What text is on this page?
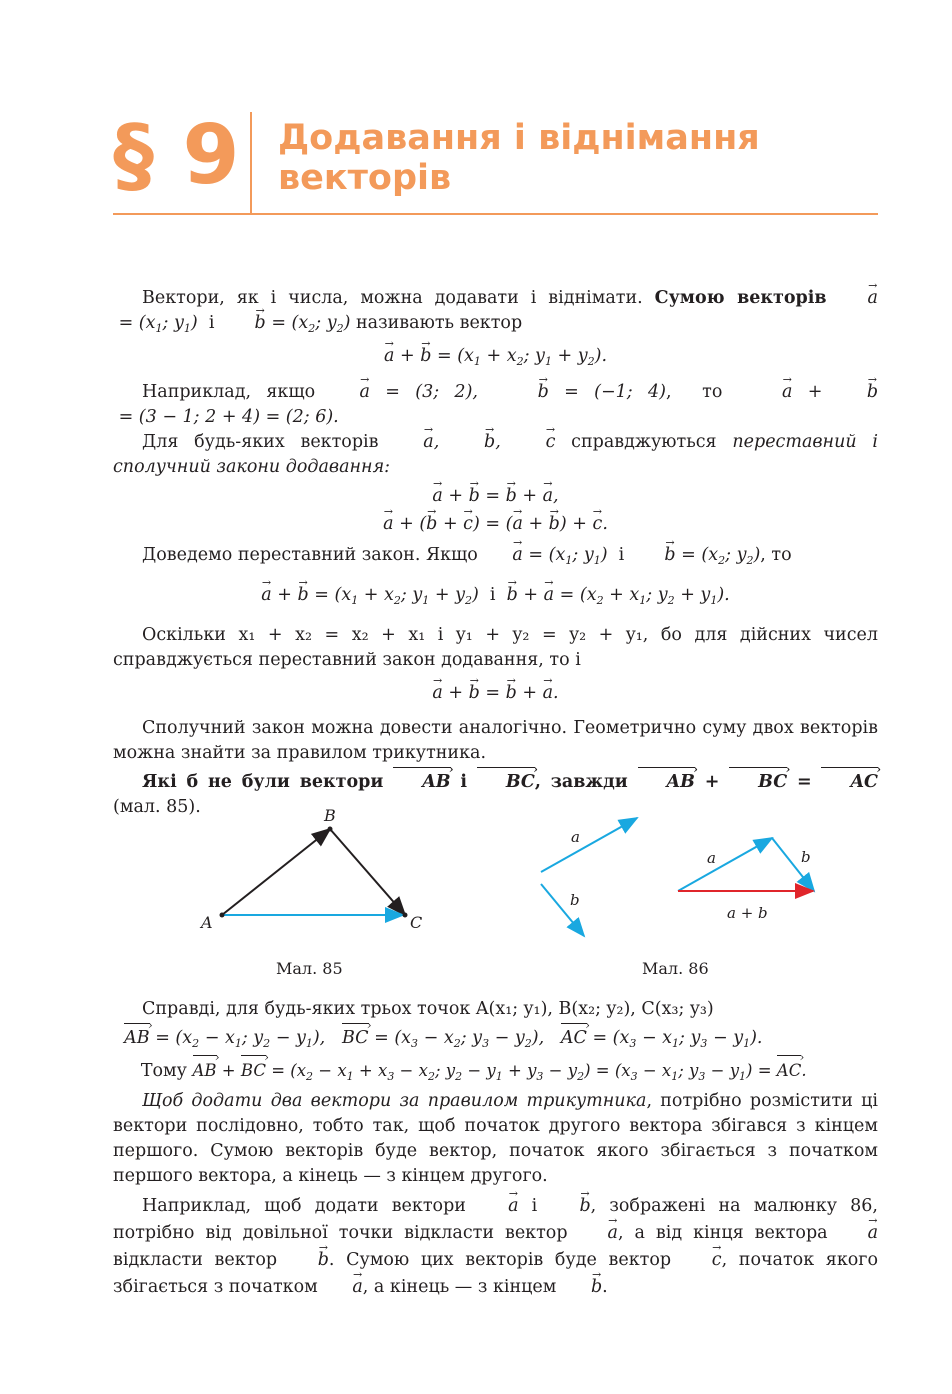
§ 9 Додавання і віднімання
векторів

Вектори, як і числа, можна додавати і віднімати. Сумою векторів → $a = (x_1$; $y_1$)  $і \to b = (x_2$; $y_2$) називають вектор

→ a + → $b = (x_1 + x_2$; $y_1 + y_2$).

Наприклад, якщо → a = (3; 2),  → b = (−1; 4),  то  → a + → b = (3 − 1; 2 + 4) = (2; 6).

Для будь-яких векторів → a, → b, → c справджуються переставний і сполучний закони додавання:

→ a + → b = → b + → a,

→ a + (→ b + → c) = (→ a + → b) + → c.

Доведемо переставний закон. Якщо → $a = (x_1$; $y_1$)  $і \to b = (x_2$; $y_2$), то

→ a + → $b = (x_1 + x_2$; $y_1 + y_2$)  і → b + → $a = (x_2 + x_1$; $y_2 + y_1$).

Оскільки x₁ + x₂ = x₂ + x₁ і y₁ + y₂ = y₂ + y₁, бо для дійсних чисел справджується переставний закон додавання, то і

→ a + → b = → b + → a.

Сполучний закон можна довести аналогічно. Геометрично суму двох векторів можна знайти за правилом трикутника.

Які б не були вектори AB › і BC ›, завжди AB › + BC › = AC › (мал. 85).

A
B
C
a
b
a	b
a + b
Мал. 85	Мал. 86

Справді, для будь-яких трьох точок A(x₁; y₁), B(x₂; y₂), C(x₃; y₃)

AB › = ($x_2 - x_1$; $y_2 - y_1$),   BC › = ($x_3 - x_2$; $y_3 - y_2$),   AC › = ($x_3 - x_1$; $y_3 - y_1$).

Тому AB › + BC › = ($x_2 - x_1 + x_3 - x_2$; $y_2 - y_1 + y_3 - y_2) = (x_3 - x_1$; $y_3 - y_1$) = AC ›.

Щоб додати два вектори за правилом трикутника, потрібно розмістити ці вектори послідовно, тобто так, щоб початок другого вектора збігався з кінцем першого. Сумою векторів буде вектор, початок якого збігається з початком першого вектора, а кінець — з кінцем другого.

Наприклад, щоб додати вектори → a і → b, зображені на малюнку 86, потрібно від довільної точки відкласти вектор → a, а від кінця вектора → a відкласти вектор → b. Сумою цих векторів буде вектор → c, початок якого збігається з початком → a, а кінець — з кінцем → b.
